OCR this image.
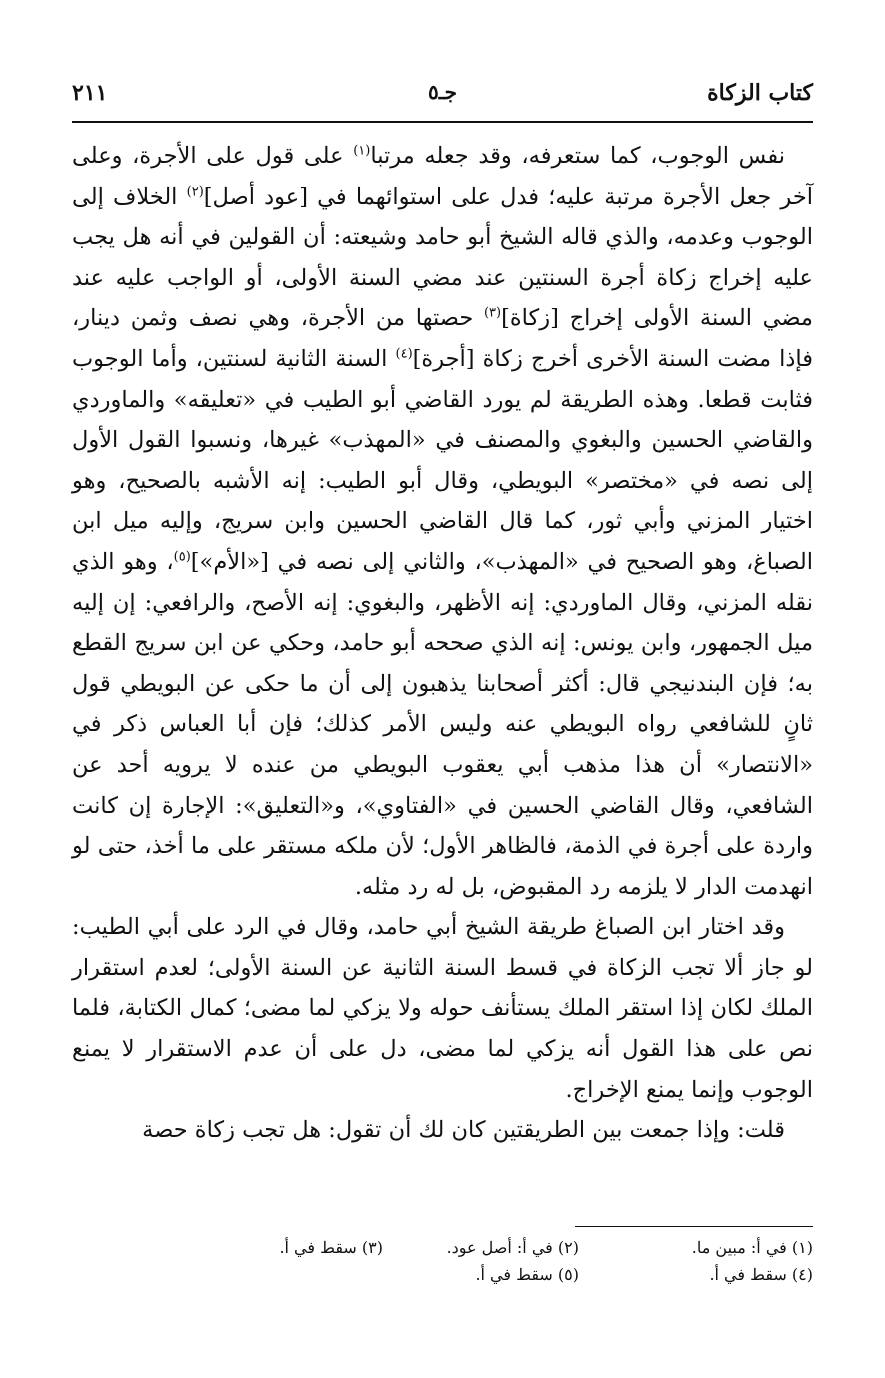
كتاب الزكاة
جـ٥
٢١١

نفس الوجوب، كما ستعرفه، وقد جعله مرتبا$^{(١)}$ على قول على الأجرة، وعلى آخر جعل الأجرة مرتبة عليه؛ فدل على استوائهما في [عود أصل]$^{(٢)}$ الخلاف إلى الوجوب وعدمه، والذي قاله الشيخ أبو حامد وشيعته: أن القولين في أنه هل يجب عليه إخراج زكاة أجرة السنتين عند مضي السنة الأولى، أو الواجب عليه عند مضي السنة الأولى إخراج [زكاة]$^{(٣)}$ حصتها من الأجرة، وهي نصف وثمن دينار، فإذا مضت السنة الأخرى أخرج زكاة [أجرة]$^{(٤)}$ السنة الثانية لسنتين، وأما الوجوب فثابت قطعا. وهذه الطريقة لم يورد القاضي أبو الطيب في «تعليقه» والماوردي والقاضي الحسين والبغوي والمصنف في «المهذب» غيرها، ونسبوا القول الأول إلى نصه في «مختصر» البويطي، وقال أبو الطيب: إنه الأشبه بالصحيح، وهو اختيار المزني وأبي ثور، كما قال القاضي الحسين وابن سريج، وإليه ميل ابن الصباغ، وهو الصحيح في «المهذب»، والثاني إلى نصه في [«الأم»]$^{(٥)}$، وهو الذي نقله المزني، وقال الماوردي: إنه الأظهر، والبغوي: إنه الأصح، والرافعي: إن إليه ميل الجمهور، وابن يونس: إنه الذي صححه أبو حامد، وحكي عن ابن سريج القطع به؛ فإن البندنيجي قال: أكثر أصحابنا يذهبون إلى أن ما حكى عن البويطي قول ثانٍ للشافعي رواه البويطي عنه وليس الأمر كذلك؛ فإن أبا العباس ذكر في «الانتصار» أن هذا مذهب أبي يعقوب البويطي من عنده لا يرويه أحد عن الشافعي، وقال القاضي الحسين في «الفتاوي»، و«التعليق»: الإجارة إن كانت واردة على أجرة في الذمة، فالظاهر الأول؛ لأن ملكه مستقر على ما أخذ، حتى لو انهدمت الدار لا يلزمه رد المقبوض، بل له رد مثله.

وقد اختار ابن الصباغ طريقة الشيخ أبي حامد، وقال في الرد على أبي الطيب: لو جاز ألا تجب الزكاة في قسط السنة الثانية عن السنة الأولى؛ لعدم استقرار الملك لكان إذا استقر الملك يستأنف حوله ولا يزكي لما مضى؛ كمال الكتابة، فلما نص على هذا القول أنه يزكي لما مضى، دل على أن عدم الاستقرار لا يمنع الوجوب وإنما يمنع الإخراج.

قلت: وإذا جمعت بين الطريقتين كان لك أن تقول: هل تجب زكاة حصة

(١) في أ: مبين ما.
(٢) في أ: أصل عود.
(٣) سقط في أ.
(٤) سقط في أ.
(٥) سقط في أ.
